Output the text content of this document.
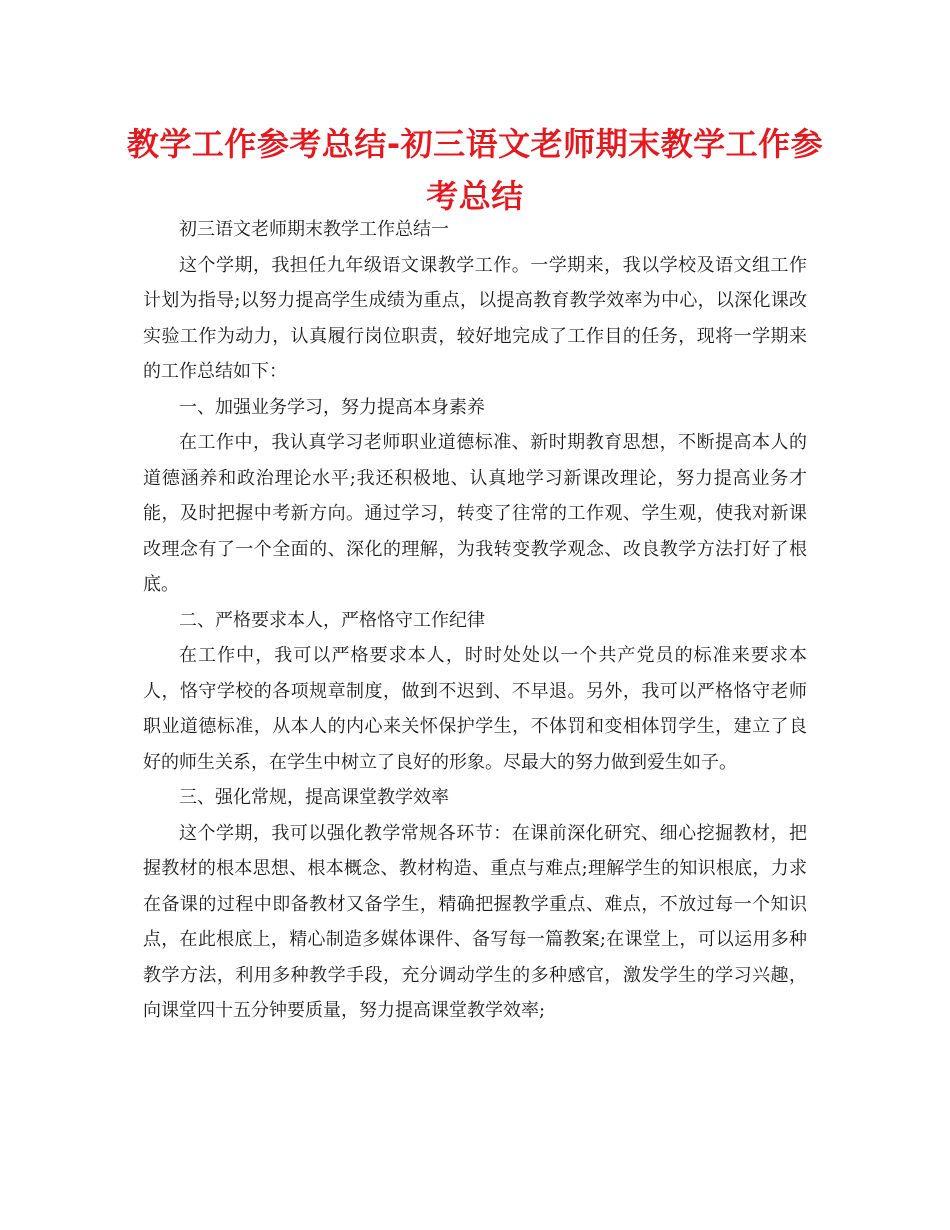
教学工作参考总结-初三语文老师期末教学工作参考总结

初三语文老师期末教学工作总结一

这个学期，我担任九年级语文课教学工作。一学期来，我以学校及语文组工作计划为指导;以努力提高学生成绩为重点，以提高教育教学效率为中心，以深化课改实验工作为动力，认真履行岗位职责，较好地完成了工作目的任务，现将一学期来的工作总结如下：

一、加强业务学习，努力提高本身素养

在工作中，我认真学习老师职业道德标准、新时期教育思想，不断提高本人的道德涵养和政治理论水平;我还积极地、认真地学习新课改理论，努力提高业务才能，及时把握中考新方向。通过学习，转变了往常的工作观、学生观，使我对新课改理念有了一个全面的、深化的理解，为我转变教学观念、改良教学方法打好了根底。

二、严格要求本人，严格恪守工作纪律

在工作中，我可以严格要求本人，时时处处以一个共产党员的标准来要求本人，恪守学校的各项规章制度，做到不迟到、不早退。另外，我可以严格恪守老师职业道德标准，从本人的内心来关怀保护学生，不体罚和变相体罚学生，建立了良好的师生关系，在学生中树立了良好的形象。尽最大的努力做到爱生如子。

三、强化常规，提高课堂教学效率

这个学期，我可以强化教学常规各环节：在课前深化研究、细心挖掘教材，把握教材的根本思想、根本概念、教材构造、重点与难点;理解学生的知识根底，力求在备课的过程中即备教材又备学生，精确把握教学重点、难点，不放过每一个知识点，在此根底上，精心制造多媒体课件、备写每一篇教案;在课堂上，可以运用多种教学方法，利用多种教学手段，充分调动学生的多种感官，激发学生的学习兴趣，向课堂四十五分钟要质量，努力提高课堂教学效率;
